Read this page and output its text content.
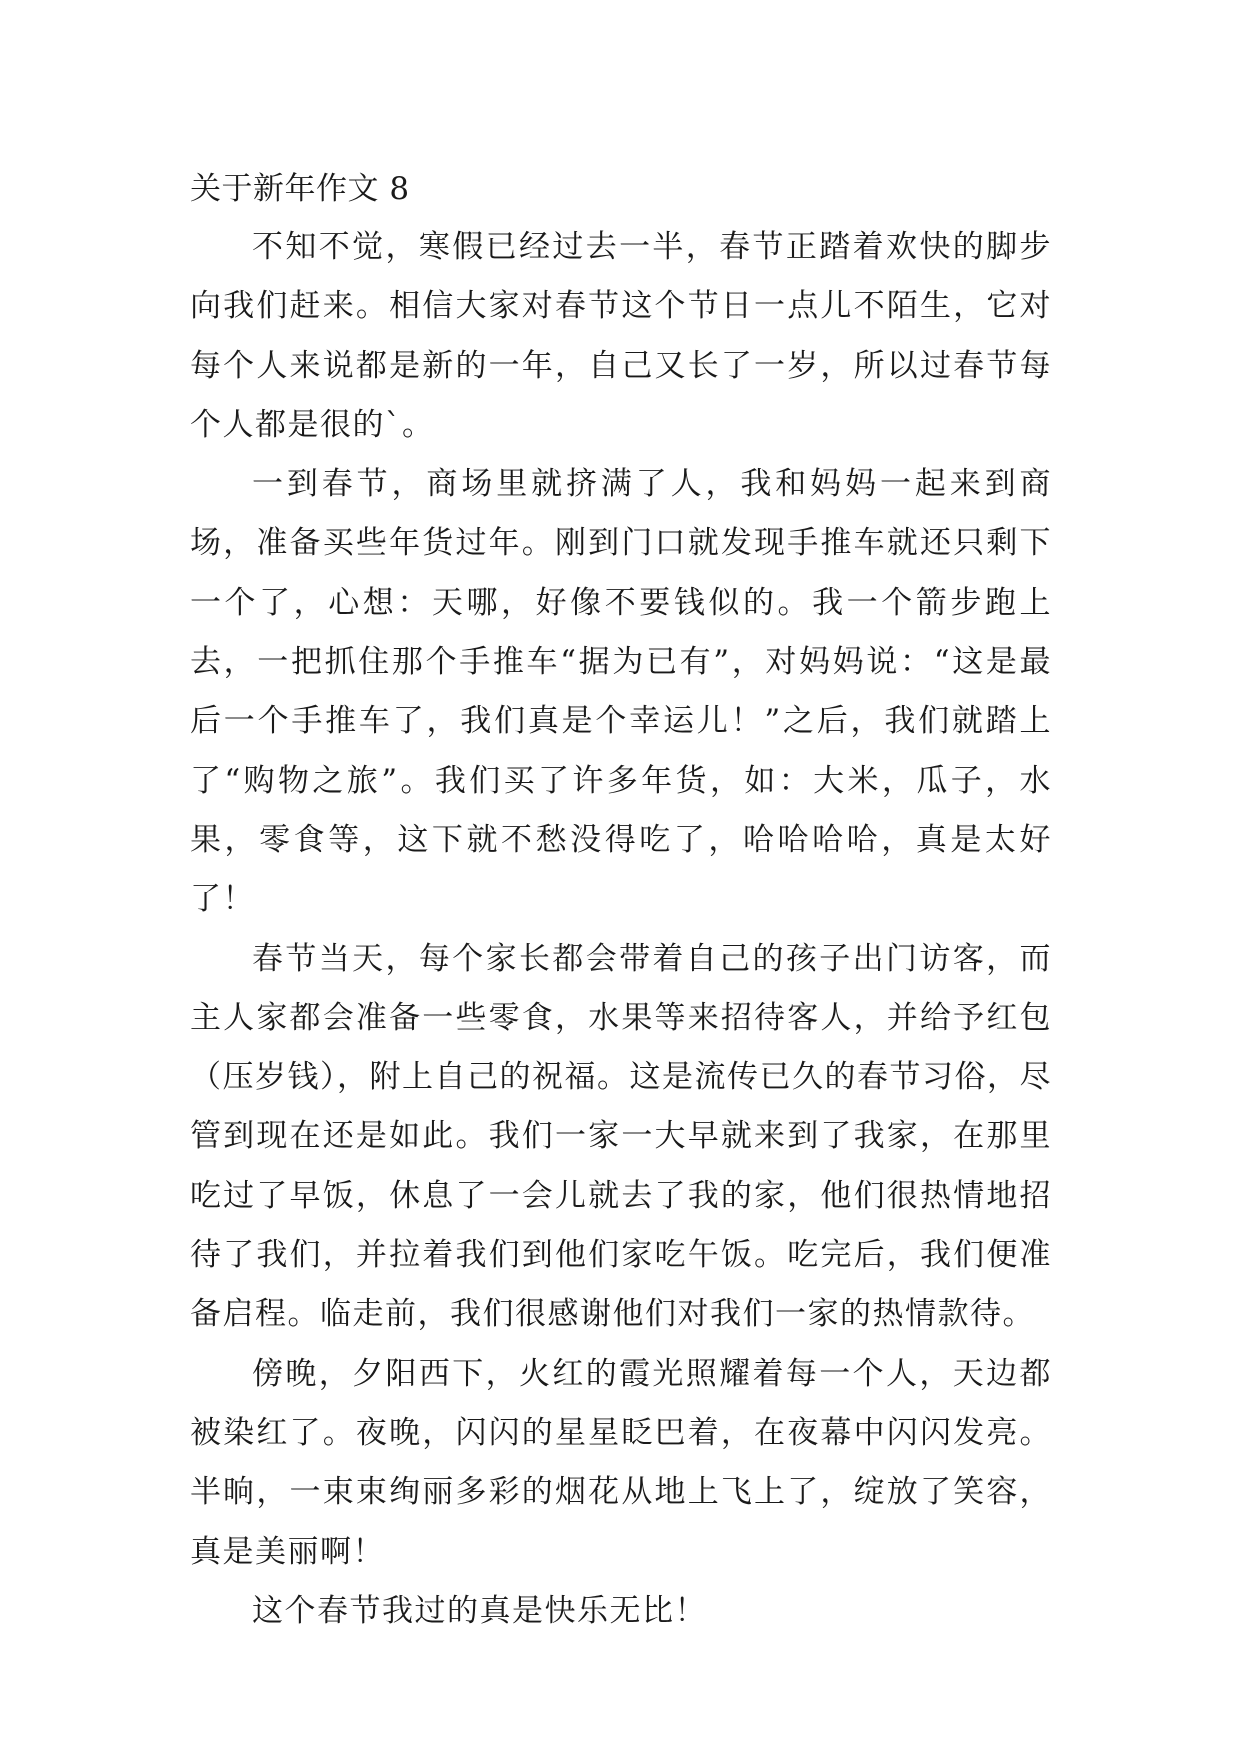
关于新年作文 8

不知不觉，寒假已经过去一半，春节正踏着欢快的脚步向我们赶来。相信大家对春节这个节日一点儿不陌生，它对每个人来说都是新的一年，自己又长了一岁，所以过春节每个人都是很的`。

一到春节，商场里就挤满了人，我和妈妈一起来到商场，准备买些年货过年。刚到门口就发现手推车就还只剩下一个了，心想：天哪，好像不要钱似的。我一个箭步跑上去，一把抓住那个手推车“据为已有”，对妈妈说：“这是最后一个手推车了，我们真是个幸运儿！”之后，我们就踏上了“购物之旅”。我们买了许多年货，如：大米，瓜子，水果，零食等，这下就不愁没得吃了，哈哈哈哈，真是太好了！

春节当天，每个家长都会带着自己的孩子出门访客，而主人家都会准备一些零食，水果等来招待客人，并给予红包（压岁钱），附上自己的祝福。这是流传已久的春节习俗，尽管到现在还是如此。我们一家一大早就来到了我家，在那里吃过了早饭，休息了一会儿就去了我的家，他们很热情地招待了我们，并拉着我们到他们家吃午饭。吃完后，我们便准备启程。临走前，我们很感谢他们对我们一家的热情款待。

傍晚，夕阳西下，火红的霞光照耀着每一个人，天边都被染红了。夜晚，闪闪的星星眨巴着，在夜幕中闪闪发亮。半晌，一束束绚丽多彩的烟花从地上飞上了，绽放了笑容，真是美丽啊！

这个春节我过的真是快乐无比！
